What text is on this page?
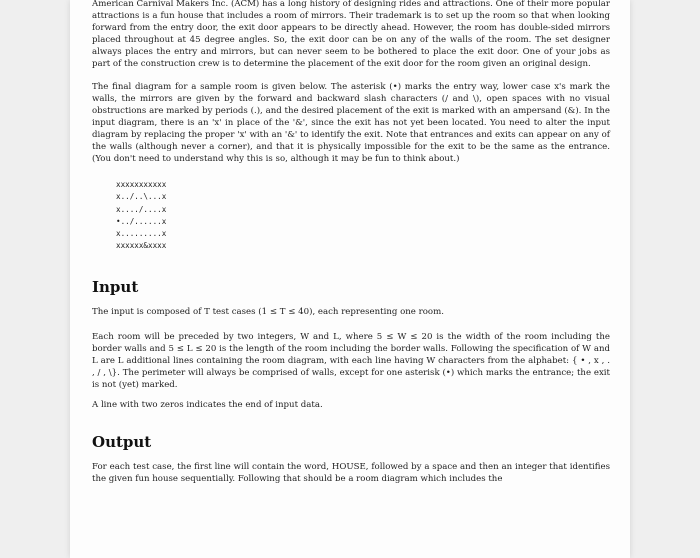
American Carnival Makers Inc. (ACM) has a long history of designing rides and attractions. One of their more popular attractions is a fun house that includes a room of mirrors. Their trademark is to set up the room so that when looking forward from the entry door, the exit door appears to be directly ahead. However, the room has double-sided mirrors placed throughout at 45 degree angles. So, the exit door can be on any of the walls of the room. The set designer always places the entry and mirrors, but can never seem to be bothered to place the exit door. One of your jobs as part of the construction crew is to determine the placement of the exit door for the room given an original design.

The final diagram for a sample room is given below. The asterisk (•) marks the entry way, lower case x's mark the walls, the mirrors are given by the forward and backward slash characters (/ and \), open spaces with no visual obstructions are marked by periods (.), and the desired placement of the exit is marked with an ampersand (&). In the input diagram, there is an 'x' in place of the '&', since the exit has not yet been located. You need to alter the input diagram by replacing the proper 'x' with an '&' to identify the exit. Note that entrances and exits can appear on any of the walls (although never a corner), and that it is physically impossible for the exit to be the same as the entrance. (You don't need to understand why this is so, although it may be fun to think about.)

xxxxxxxxxxx
x../..\...x
x..../....x
•../......x
x.........x
xxxxxx&xxxx
Input

The input is composed of T test cases (1 ≤ T ≤ 40), each representing one room.

Each room will be preceded by two integers, W and L, where 5 ≤ W ≤ 20 is the width of the room including the border walls and 5 ≤ L ≤ 20 is the length of the room including the border walls. Following the specification of W and L are L additional lines containing the room diagram, with each line having W characters from the alphabet: { • , x , . , / , \}. The perimeter will always be comprised of walls, except for one asterisk (•) which marks the entrance; the exit is not (yet) marked.

A line with two zeros indicates the end of input data.

Output

For each test case, the first line will contain the word, HOUSE, followed by a space and then an integer that identifies the given fun house sequentially. Following that should be a room diagram which includes the
